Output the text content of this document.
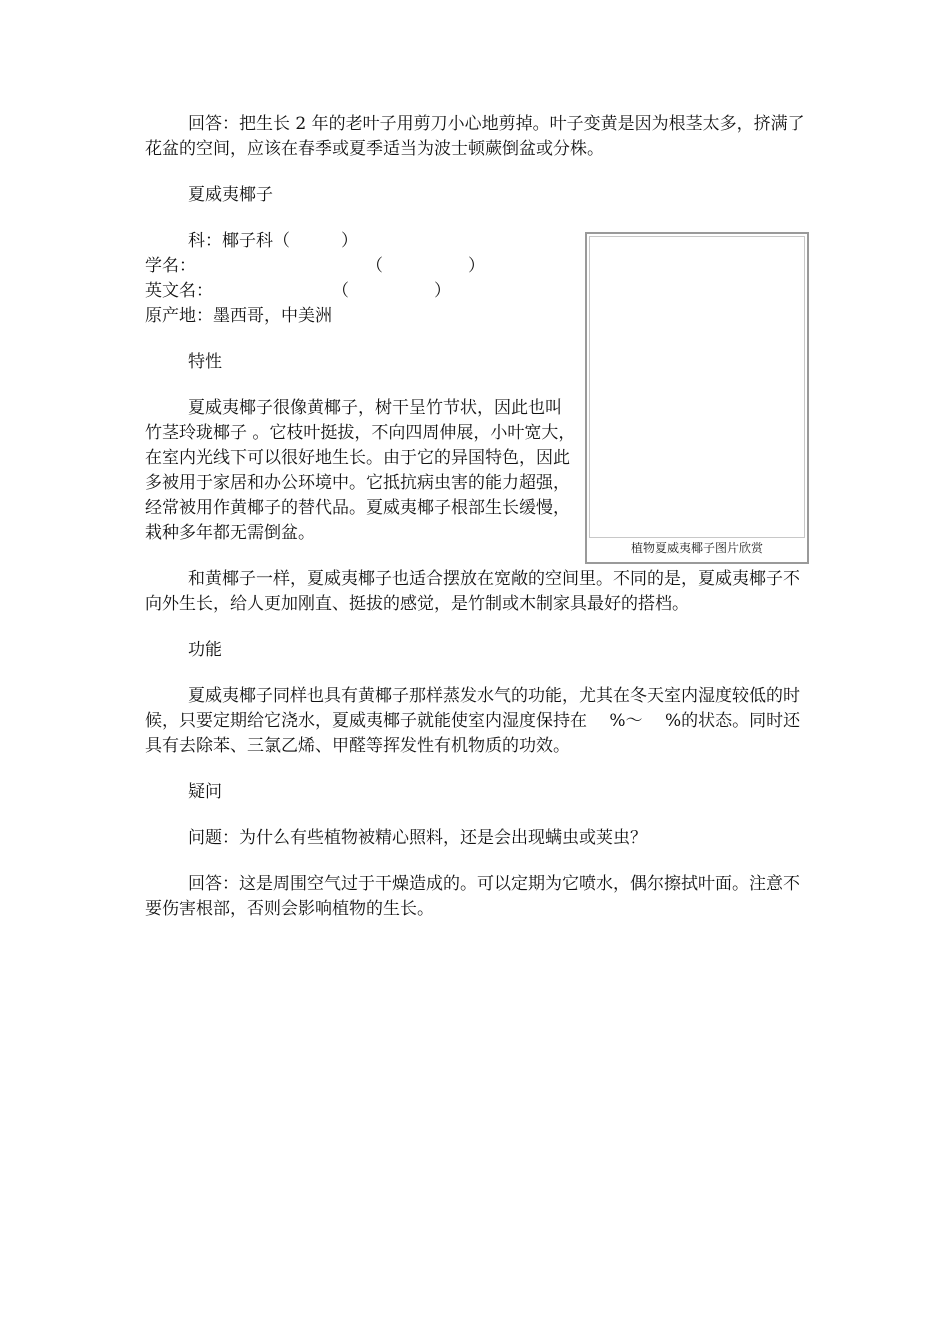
回答：把生长 2 年的老叶子用剪刀小心地剪掉。叶子变黄是因为根茎太多，挤满了花盆的空间，应该在春季或夏季适当为波士顿蕨倒盆或分株。

夏威夷椰子

科：椰子科（　　　）

学名：　　　　　　　　　　　（　　　　　）

英文名：　　　　　　　　（　　　　　）

原产地：墨西哥，中美洲

特性

夏威夷椰子很像黄椰子，树干呈竹节状，因此也叫 竹茎玲珑椰子 。它枝叶挺拔，不向四周伸展，小叶宽大，在室内光线下可以很好地生长。由于它的异国特色，因此多被用于家居和办公环境中。它抵抗病虫害的能力超强，经常被用作黄椰子的替代品。夏威夷椰子根部生长缓慢，栽种多年都无需倒盆。

和黄椰子一样，夏威夷椰子也适合摆放在宽敞的空间里。不同的是，夏威夷椰子不向外生长，给人更加刚直、挺拔的感觉，是竹制或木制家具最好的搭档。

功能

夏威夷椰子同样也具有黄椰子那样蒸发水气的功能，尤其在冬天室内湿度较低的时候，只要定期给它浇水，夏威夷椰子就能使室内湿度保持在　 %～　 %的状态。同时还具有去除苯、三氯乙烯、甲醛等挥发性有机物质的功效。

疑问

问题：为什么有些植物被精心照料，还是会出现螨虫或荚虫？

回答：这是周围空气过于干燥造成的。可以定期为它喷水，偶尔擦拭叶面。注意不要伤害根部，否则会影响植物的生长。

植物夏威夷椰子图片欣赏
